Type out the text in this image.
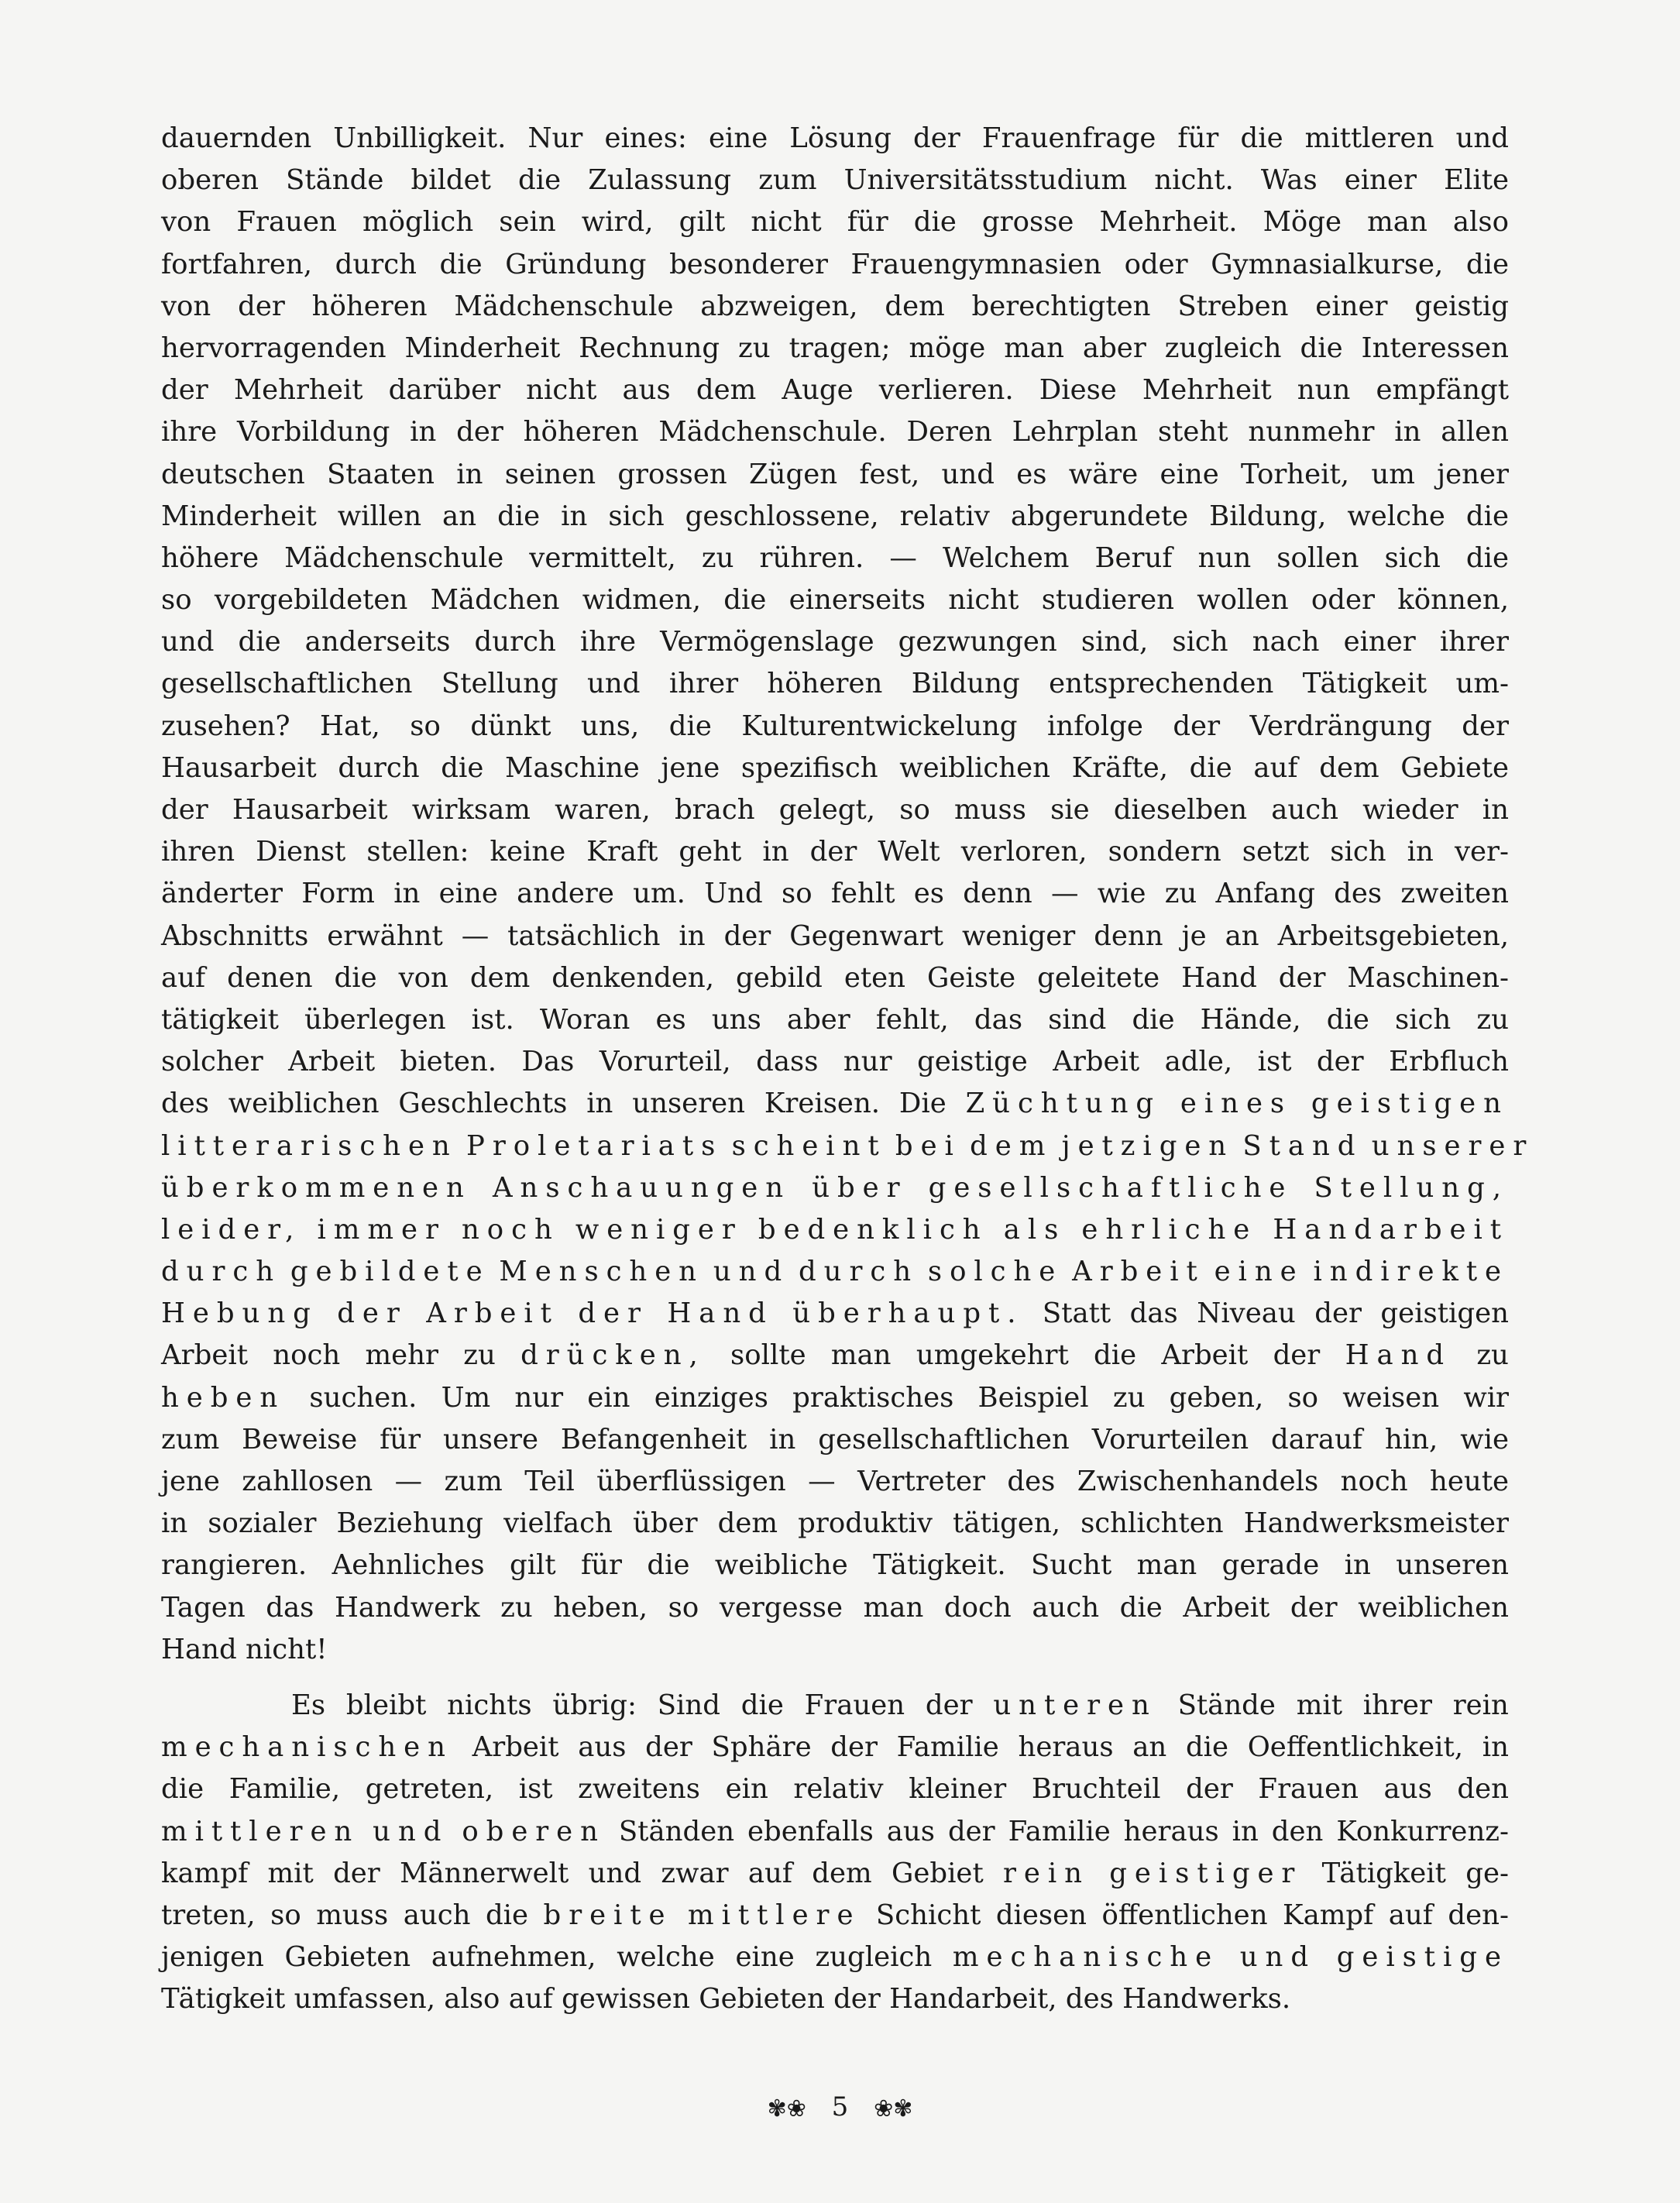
dauernden Unbilligkeit. Nur eines: eine Lösung der Frauenfrage für die mittleren und
oberen Stände bildet die Zulassung zum Universitätsstudium nicht. Was einer Elite
von Frauen möglich sein wird, gilt nicht für die grosse Mehrheit. Möge man also
fortfahren, durch die Gründung besonderer Frauengymnasien oder Gymnasialkurse, die
von der höheren Mädchenschule abzweigen, dem berechtigten Streben einer geistig
hervorragenden Minderheit Rechnung zu tragen; möge man aber zugleich die Interessen
der Mehrheit darüber nicht aus dem Auge verlieren. Diese Mehrheit nun empfängt
ihre Vorbildung in der höheren Mädchenschule. Deren Lehrplan steht nunmehr in allen
deutschen Staaten in seinen grossen Zügen fest, und es wäre eine Torheit, um jener
Minderheit willen an die in sich geschlossene, relativ abgerundete Bildung, welche die
höhere Mädchenschule vermittelt, zu rühren. — Welchem Beruf nun sollen sich die
so vorgebildeten Mädchen widmen, die einerseits nicht studieren wollen oder können,
und die anderseits durch ihre Vermögenslage gezwungen sind, sich nach einer ihrer
gesellschaftlichen Stellung und ihrer höheren Bildung entsprechenden Tätigkeit um-
zusehen? Hat, so dünkt uns, die Kulturentwickelung infolge der Verdrängung der
Hausarbeit durch die Maschine jene spezifisch weiblichen Kräfte, die auf dem Gebiete
der Hausarbeit wirksam waren, brach gelegt, so muss sie dieselben auch wieder in
ihren Dienst stellen: keine Kraft geht in der Welt verloren, sondern setzt sich in ver-
änderter Form in eine andere um. Und so fehlt es denn — wie zu Anfang des zweiten
Abschnitts erwähnt — tatsächlich in der Gegenwart weniger denn je an Arbeitsgebieten,
auf denen die von dem denkenden, gebild eten Geiste geleitete Hand der Maschinen-
tätigkeit überlegen ist. Woran es uns aber fehlt, das sind die Hände, die sich zu
solcher Arbeit bieten. Das Vorurteil, dass nur geistige Arbeit adle, ist der Erbfluch
des weiblichen Geschlechts in unseren Kreisen. Die Züchtung eines geistigen
litterarischen Proletariats scheint bei dem jetzigen Stand unserer
überkommenen Anschauungen über gesellschaftliche Stellung,
leider, immer noch weniger bedenklich als ehrliche Handarbeit
durch gebildete Menschen und durch solche Arbeit eine indirekte
Hebung der Arbeit der Hand überhaupt. Statt das Niveau der geistigen
Arbeit noch mehr zu drücken, sollte man umgekehrt die Arbeit der Hand zu
heben suchen. Um nur ein einziges praktisches Beispiel zu geben, so weisen wir
zum Beweise für unsere Befangenheit in gesellschaftlichen Vorurteilen darauf hin, wie
jene zahllosen — zum Teil überflüssigen — Vertreter des Zwischenhandels noch heute
in sozialer Beziehung vielfach über dem produktiv tätigen, schlichten Handwerksmeister
rangieren. Aehnliches gilt für die weibliche Tätigkeit. Sucht man gerade in unseren
Tagen das Handwerk zu heben, so vergesse man doch auch die Arbeit der weiblichen
Hand nicht!
Es bleibt nichts übrig: Sind die Frauen der unteren Stände mit ihrer rein
mechanischen Arbeit aus der Sphäre der Familie heraus an die Oeffentlichkeit, in
die Familie, getreten, ist zweitens ein relativ kleiner Bruchteil der Frauen aus den
mittleren und oberen Ständen ebenfalls aus der Familie heraus in den Konkurrenz-
kampf mit der Männerwelt und zwar auf dem Gebiet rein geistiger Tätigkeit ge-
treten, so muss auch die breite mittlere Schicht diesen öffentlichen Kampf auf den-
jenigen Gebieten aufnehmen, welche eine zugleich mechanische und geistige
Tätigkeit umfassen, also auf gewissen Gebieten der Handarbeit, des Handwerks.
✾❀ 5 ❀✾
